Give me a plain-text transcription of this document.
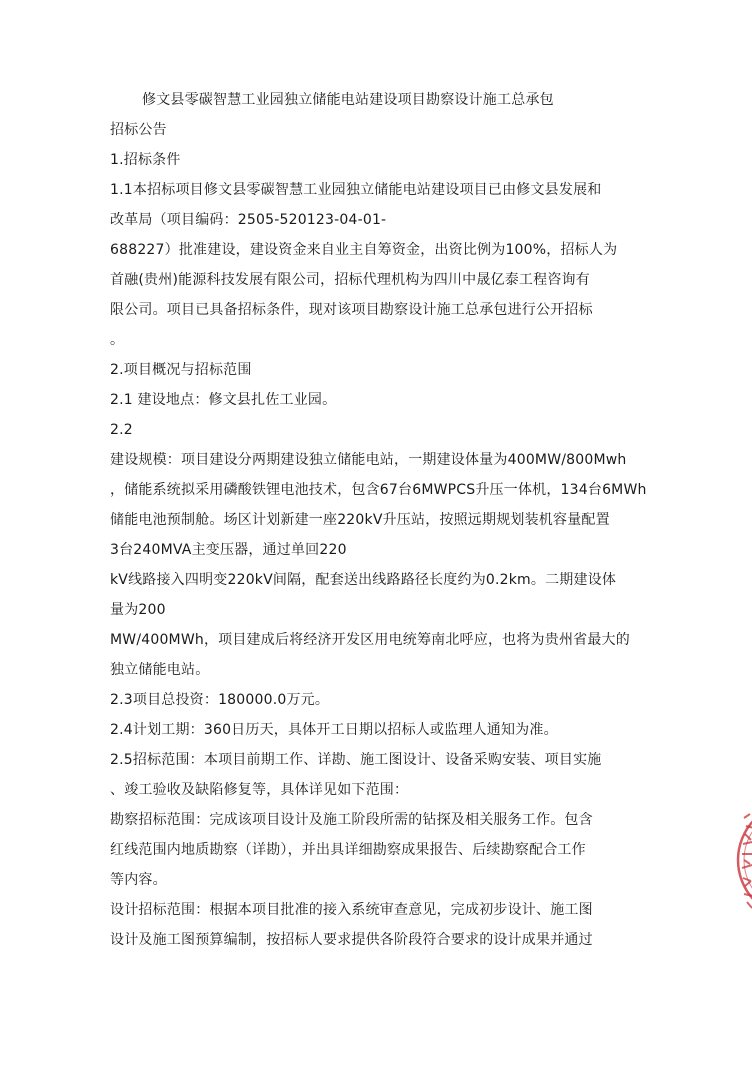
修文县零碳智慧工业园独立储能电站建设项目勘察设计施工总承包
招标公告
1.招标条件
1.1本招标项目修文县零碳智慧工业园独立储能电站建设项目已由修文县发展和
改革局（项目编码：2505-520123-04-01-
688227）批准建设，建设资金来自业主自筹资金，出资比例为100%，招标人为
首融(贵州)能源科技发展有限公司，招标代理机构为四川中晟亿泰工程咨询有
限公司。项目已具备招标条件，现对该项目勘察设计施工总承包进行公开招标
。
2.项目概况与招标范围
2.1 建设地点：修文县扎佐工业园。
2.2
建设规模：项目建设分两期建设独立储能电站，一期建设体量为400MW/800Mwh
，储能系统拟采用磷酸铁锂电池技术，包含67台6MWPCS升压一体机，134台6MWh
储能电池预制舱。场区计划新建一座220kV升压站，按照远期规划装机容量配置
3台240MVA主变压器，通过单回220
kV线路接入四明变220kV间隔，配套送出线路路径长度约为0.2km。二期建设体
量为200
MW/400MWh，项目建成后将经济开发区用电统筹南北呼应，也将为贵州省最大的
独立储能电站。
2.3项目总投资：180000.0万元。
2.4计划工期：360日历天，具体开工日期以招标人或监理人通知为准。
2.5招标范围：本项目前期工作、详勘、施工图设计、设备采购安装、项目实施
、竣工验收及缺陷修复等，具体详见如下范围：
勘察招标范围：完成该项目设计及施工阶段所需的钻探及相关服务工作。包含
红线范围内地质勘察（详勘），并出具详细勘察成果报告、后续勘察配合工作
等内容。
设计招标范围：根据本项目批准的接入系统审查意见，完成初步设计、施工图
设计及施工图预算编制，按招标人要求提供各阶段符合要求的设计成果并通过
